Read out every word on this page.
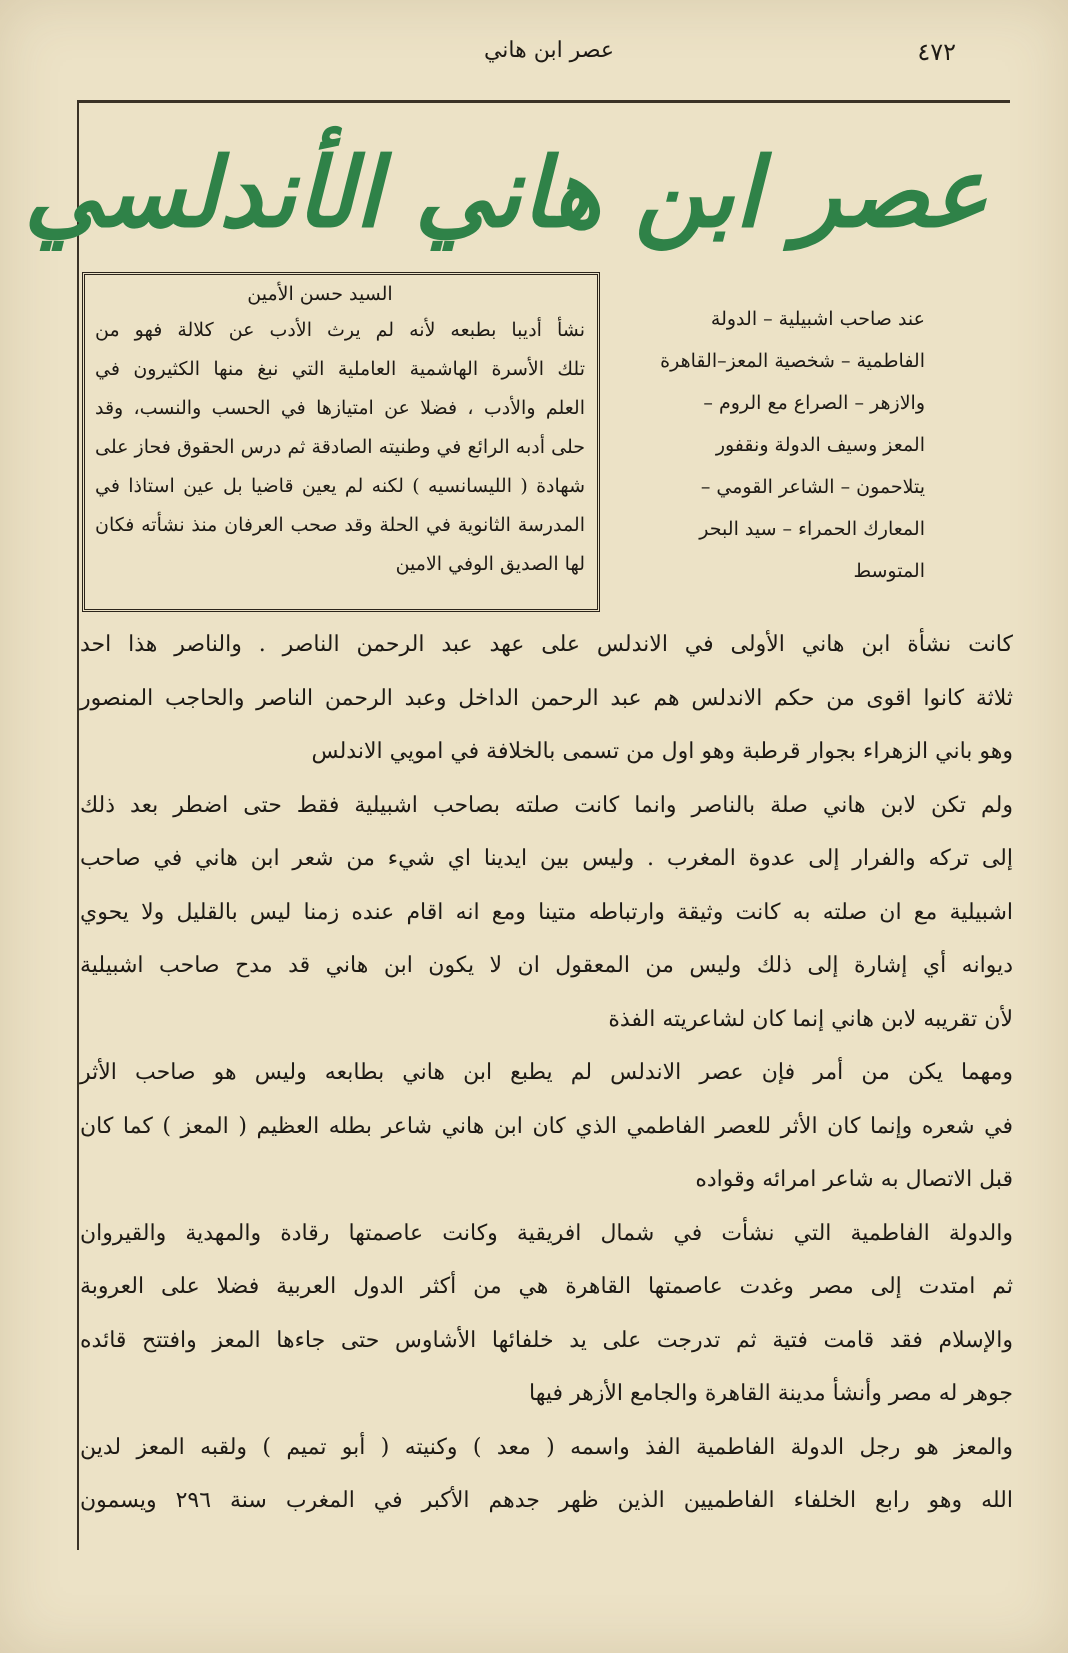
٤٧٢
عصر ابن هاني
عصر ابن هاني الأندلسي
السيد حسن الأمين
نشأ أديبا بطبعه لأنه لم يرث الأدب عن كلالة فهو من
تلك الأسرة الهاشمية العاملية التي نبغ منها الكثيرون في
العلم والأدب ، فضلا عن امتيازها في الحسب والنسب، وقد
حلى أدبه الرائع في وطنيته الصادقة ثم درس الحقوق فحاز على
شهادة ( الليسانسيه ) لكنه لم يعين قاضيا بل عين استاذا في
المدرسة الثانوية في الحلة وقد صحب العرفان منذ نشأته فكان
لها الصديق الوفي الامين
عند صاحب اشبيلية – الدولة
الفاطمية – شخصية المعز–القاهرة
والازهر – الصراع مع الروم –
المعز وسيف الدولة ونقفور
يتلاحمون – الشاعر القومي –
المعارك الحمراء – سيد البحر
المتوسط
كانت نشأة ابن هاني الأولى في الاندلس على عهد عبد الرحمن الناصر . والناصر هذا احد
ثلاثة كانوا اقوى من حكم الاندلس هم عبد الرحمن الداخل وعبد الرحمن الناصر والحاجب المنصور
وهو باني الزهراء بجوار قرطبة وهو اول من تسمى بالخلافة في امويي الاندلس
ولم تكن لابن هاني صلة بالناصر وانما كانت صلته بصاحب اشبيلية فقط حتى اضطر بعد ذلك
إلى تركه والفرار إلى عدوة المغرب . وليس بين ايدينا اي شيء من شعر ابن هاني في صاحب
اشبيلية مع ان صلته به كانت وثيقة وارتباطه متينا ومع انه اقام عنده زمنا ليس بالقليل ولا يحوي
ديوانه أي إشارة إلى ذلك وليس من المعقول ان لا يكون ابن هاني قد مدح صاحب اشبيلية
لأن تقريبه لابن هاني إنما كان لشاعريته الفذة
ومهما يكن من أمر فإن عصر الاندلس لم يطبع ابن هاني بطابعه وليس هو صاحب الأثر
في شعره وإنما كان الأثر للعصر الفاطمي الذي كان ابن هاني شاعر بطله العظيم ( المعز ) كما كان
قبل الاتصال به شاعر امرائه وقواده
والدولة الفاطمية التي نشأت في شمال افريقية وكانت عاصمتها رقادة والمهدية والقيروان
ثم امتدت إلى مصر وغدت عاصمتها القاهرة هي من أكثر الدول العربية فضلا على العروبة
والإسلام فقد قامت فتية ثم تدرجت على يد خلفائها الأشاوس حتى جاءها المعز وافتتح قائده
جوهر له مصر وأنشأ مدينة القاهرة والجامع الأزهر فيها
والمعز هو رجل الدولة الفاطمية الفذ واسمه ( معد ) وكنيته ( أبو تميم ) ولقبه المعز لدين
الله وهو رابع الخلفاء الفاطميين الذين ظهر جدهم الأكبر في المغرب سنة ٢٩٦ ويسمون
